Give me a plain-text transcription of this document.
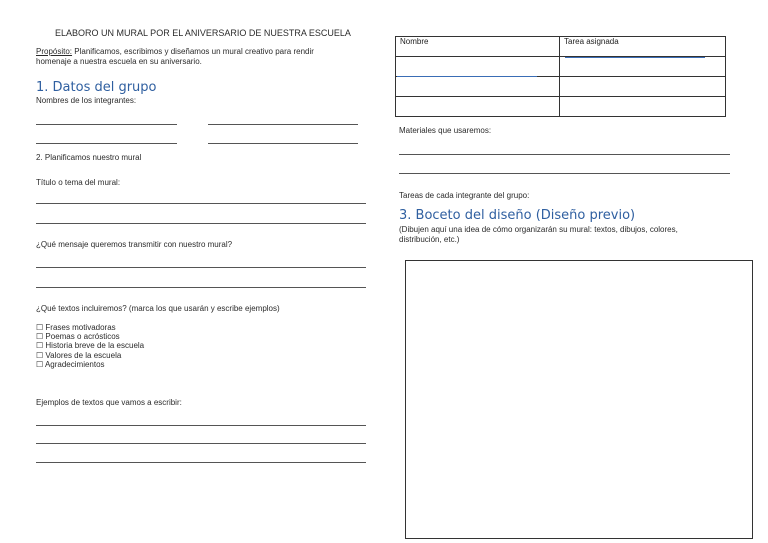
ELABORO UN MURAL POR EL ANIVERSARIO DE NUESTRA ESCUELA
Propósito: Planificamos, escribimos y diseñamos un mural creativo para rendir
homenaje a nuestra escuela en su aniversario.
1. Datos del grupo
Nombres de los integrantes:
2. Planificamos nuestro mural
Título o tema del mural:
¿Qué mensaje queremos transmitir con nuestro mural?
¿Qué textos incluiremos? (marca los que usarán y escribe ejemplos)
☐ Frases motivadoras
☐ Poemas o acrósticos
☐ Historia breve de la escuela
☐ Valores de la escuela
☐ Agradecimientos
Ejemplos de textos que vamos a escribir:
Nombre	Tarea asignada

Materiales que usaremos:
Tareas de cada integrante del grupo:
3. Boceto del diseño (Diseño previo)
(Dibujen aquí una idea de cómo organizarán su mural: textos, dibujos, colores,
distribución, etc.)
